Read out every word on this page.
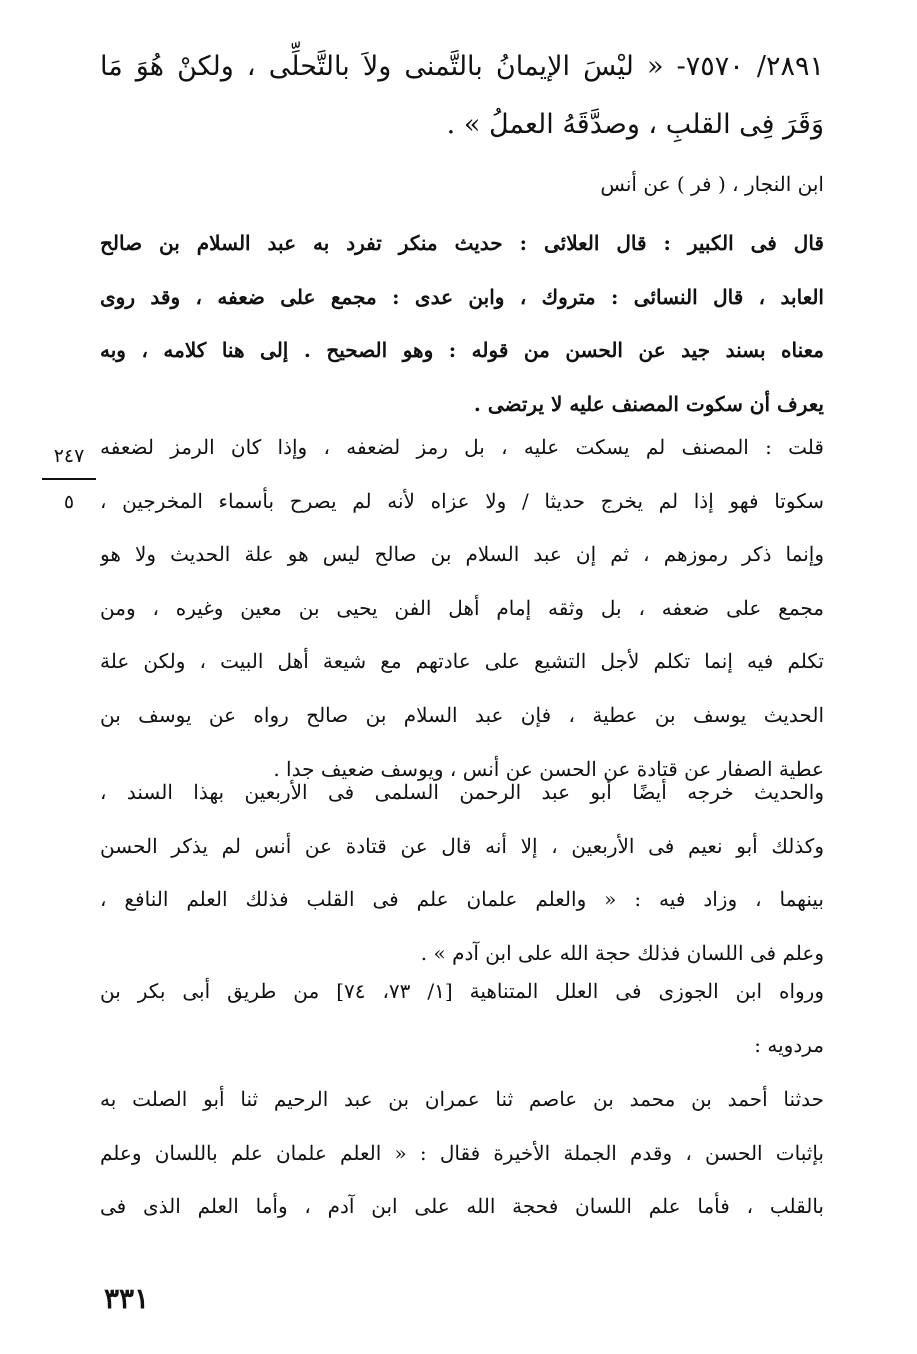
٢٨٩١/ ٧٥٧٠- « ليْسَ الإيمانُ بالتَّمنى ولاَ بالتَّحلِّى ، ولكنْ هُوَ مَا
وَقَرَ فِى القلبِ ، وصدَّقَهُ العملُ » .
ابن النجار ، ( فر ) عن أنس
قال فى الكبير : قال العلائى : حديث منكر تفرد به عبد السلام بن صالح
العابد ، قال النسائى : متروك ، وابن عدى : مجمع على ضعفه ، وقد روى
معناه بسند جيد عن الحسن من قوله : وهو الصحيح . إلى هنا كلامه ، وبه
يعرف أن سكوت المصنف عليه لا يرتضى .
قلت : المصنف لم يسكت عليه ، بل رمز لضعفه ، وإذا كان الرمز لضعفه
سكوتا فهو إذا لم يخرج حديثا / ولا عزاه لأنه لم يصرح بأسماء المخرجين ،
وإنما ذكر رموزهم ، ثم إن عبد السلام بن صالح ليس هو علة الحديث ولا هو
مجمع على ضعفه ، بل وثقه إمام أهل الفن يحيى بن معين وغيره ، ومن
تكلم فيه إنما تكلم لأجل التشيع على عادتهم مع شيعة أهل البيت ، ولكن علة
الحديث يوسف بن عطية ، فإن عبد السلام بن صالح رواه عن يوسف بن
عطية الصفار عن قتادة عن الحسن عن أنس ، ويوسف ضعيف جدا .
والحديث خرجه أيضًا أبو عبد الرحمن السلمى فى الأربعين بهذا السند ،
وكذلك أبو نعيم فى الأربعين ، إلا أنه قال عن قتادة عن أنس لم يذكر الحسن
بينهما ، وزاد فيه : « والعلم علمان علم فى القلب فذلك العلم النافع ،
وعلم فى اللسان فذلك حجة الله على ابن آدم » .
ورواه ابن الجوزى فى العلل المتناهية [١/ ٧٣، ٧٤] من طريق أبى بكر بن
مردويه :
حدثنا أحمد بن محمد بن عاصم ثنا عمران بن عبد الرحيم ثنا أبو الصلت به
بإثبات الحسن ، وقدم الجملة الأخيرة فقال : « العلم علمان علم باللسان وعلم
بالقلب ، فأما علم اللسان فحجة الله على ابن آدم ، وأما العلم الذى فى
٢٤٧
٥
٣٣١
